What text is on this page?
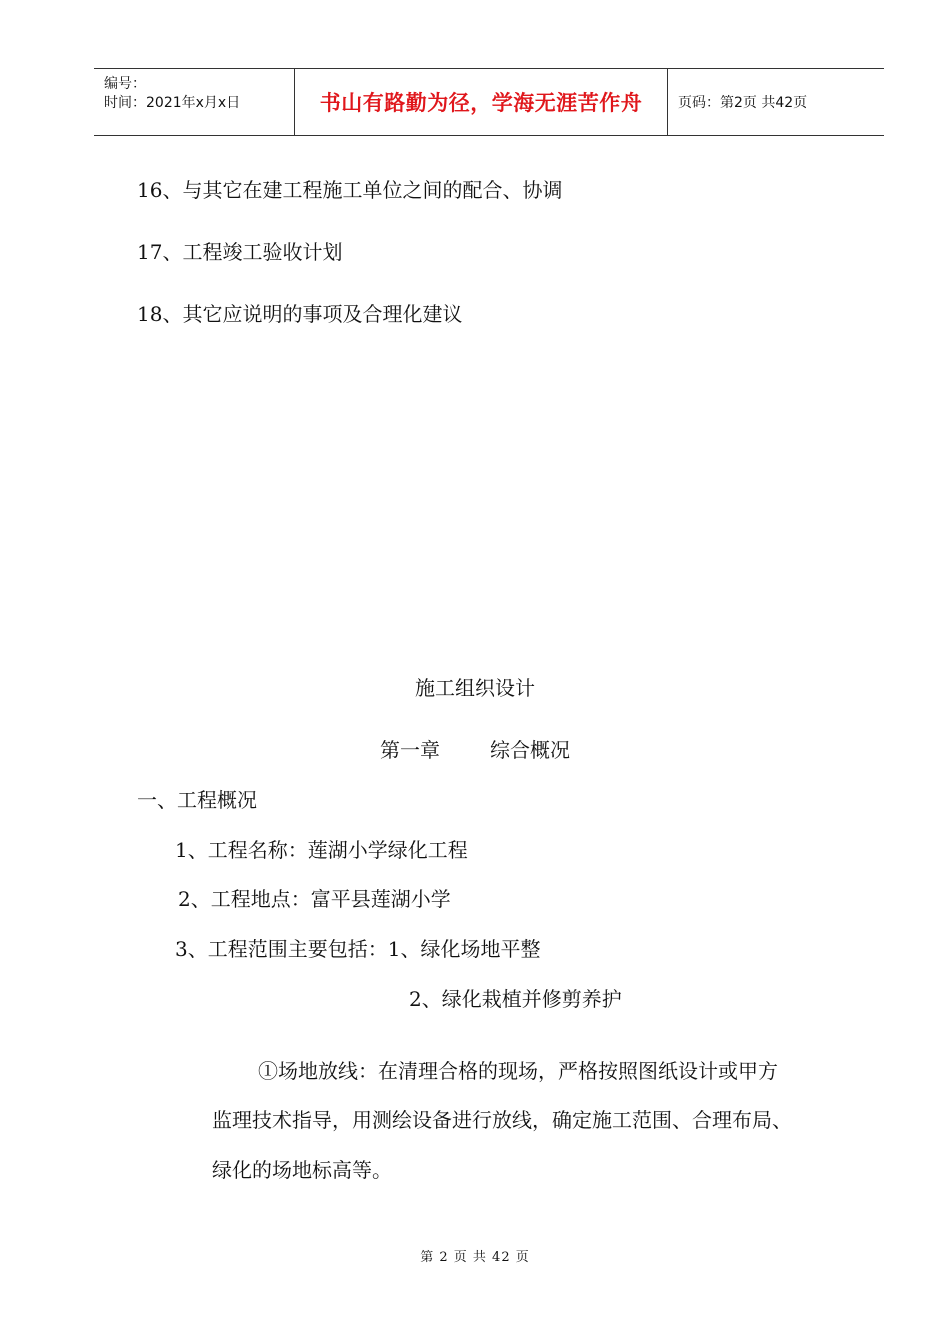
编号：
时间：2021年x月x日	书山有路勤为径，学海无涯苦作舟	页码：第2页 共42页
16、与其它在建工程施工单位之间的配合、协调
17、工程竣工验收计划
18、其它应说明的事项及合理化建议
施工组织设计
第一章	综合概况
一、工程概况
1、工程名称：莲湖小学绿化工程
2、工程地点：富平县莲湖小学
3、工程范围主要包括：1、绿化场地平整
2、绿化栽植并修剪养护
①场地放线：在清理合格的现场，严格按照图纸设计或甲方
监理技术指导，用测绘设备进行放线，确定施工范围、合理布局、
绿化的场地标高等。
第 2 页 共 42 页
